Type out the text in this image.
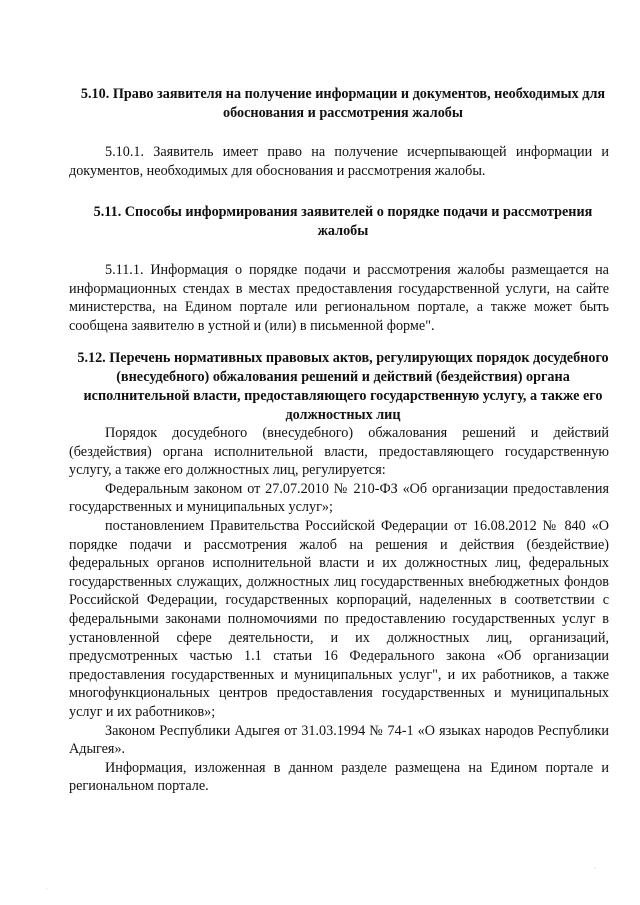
5.10. Право заявителя на получение информации и документов, необходимых для обоснования и рассмотрения жалобы

5.10.1. Заявитель имеет право на получение исчерпывающей информации и документов, необходимых для обоснования и рассмотрения жалобы.

5.11. Способы информирования заявителей о порядке подачи и рассмотрения жалобы

5.11.1. Информация о порядке подачи и рассмотрения жалобы размещается на информационных стендах в местах предоставления государственной услуги, на сайте министерства, на Едином портале или региональном портале, а также может быть сообщена заявителю в устной и (или) в письменной форме".

5.12. Перечень нормативных правовых актов, регулирующих порядок досудебного (внесудебного) обжалования решений и действий (бездействия) органа исполнительной власти, предоставляющего государственную услугу, а также его должностных лиц

Порядок досудебного (внесудебного) обжалования решений и действий (бездействия) органа исполнительной власти, предоставляющего государственную услугу, а также его должностных лиц, регулируется:

Федеральным законом от 27.07.2010 № 210-ФЗ «Об организации предоставления государственных и муниципальных услуг»;

постановлением Правительства Российской Федерации от 16.08.2012 № 840 «О порядке подачи и рассмотрения жалоб на решения и действия (бездействие) федеральных органов исполнительной власти и их должностных лиц, федеральных государственных служащих, должностных лиц государственных внебюджетных фондов Российской Федерации, государственных корпораций, наделенных в соответствии с федеральными законами полномочиями по предоставлению государственных услуг в установленной сфере деятельности, и их должностных лиц, организаций, предусмотренных частью 1.1 статьи 16 Федерального закона «Об организации предоставления государственных и муниципальных услуг", и их работников, а также многофункциональных центров предоставления государственных и муниципальных услуг и их работников»;

Законом Республики Адыгея от 31.03.1994 № 74-1 «О языках народов Республики Адыгея».

Информация, изложенная в данном разделе размещена на Едином портале и региональном портале.

·
·
